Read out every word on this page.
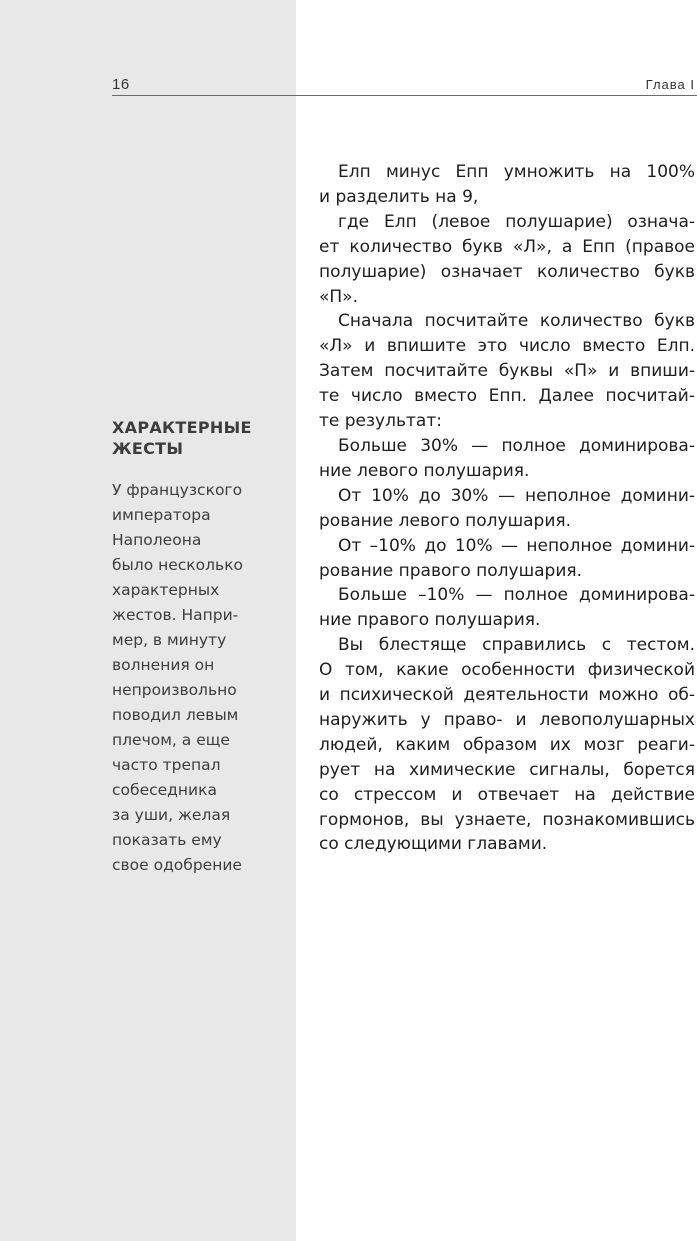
16	Глава I
ХАРАКТЕРНЫЕ
ЖЕСТЫ
У французского
императора
Наполеона
было несколько
характерных
жестов. Напри-
мер, в минуту
волнения он
непроизвольно
поводил левым
плечом, а еще
часто трепал
собеседника
за уши, желая
показать ему
свое одобрение
Елп минус Епп умножить на 100%
и разделить на 9,
где Елп (левое полушарие) означа-
ет количество букв «Л», а Епп (правое
полушарие) означает количество букв
«П».
Сначала посчитайте количество букв
«Л» и впишите это число вместо Елп.
Затем посчитайте буквы «П» и впиши-
те число вместо Епп. Далее посчитай-
те результат:
Больше 30% — полное доминирова-
ние левого полушария.
От 10% до 30% — неполное домини-
рование левого полушария.
От –10% до 10% — неполное домини-
рование правого полушария.
Больше –10% — полное доминирова-
ние правого полушария.
Вы блестяще справились с тестом.
О том, какие особенности физической
и психической деятельности можно об-
наружить у право- и левополушарных
людей, каким образом их мозг реаги-
рует на химические сигналы, борется
со стрессом и отвечает на действие
гормонов, вы узнаете, познакомившись
со следующими главами.
